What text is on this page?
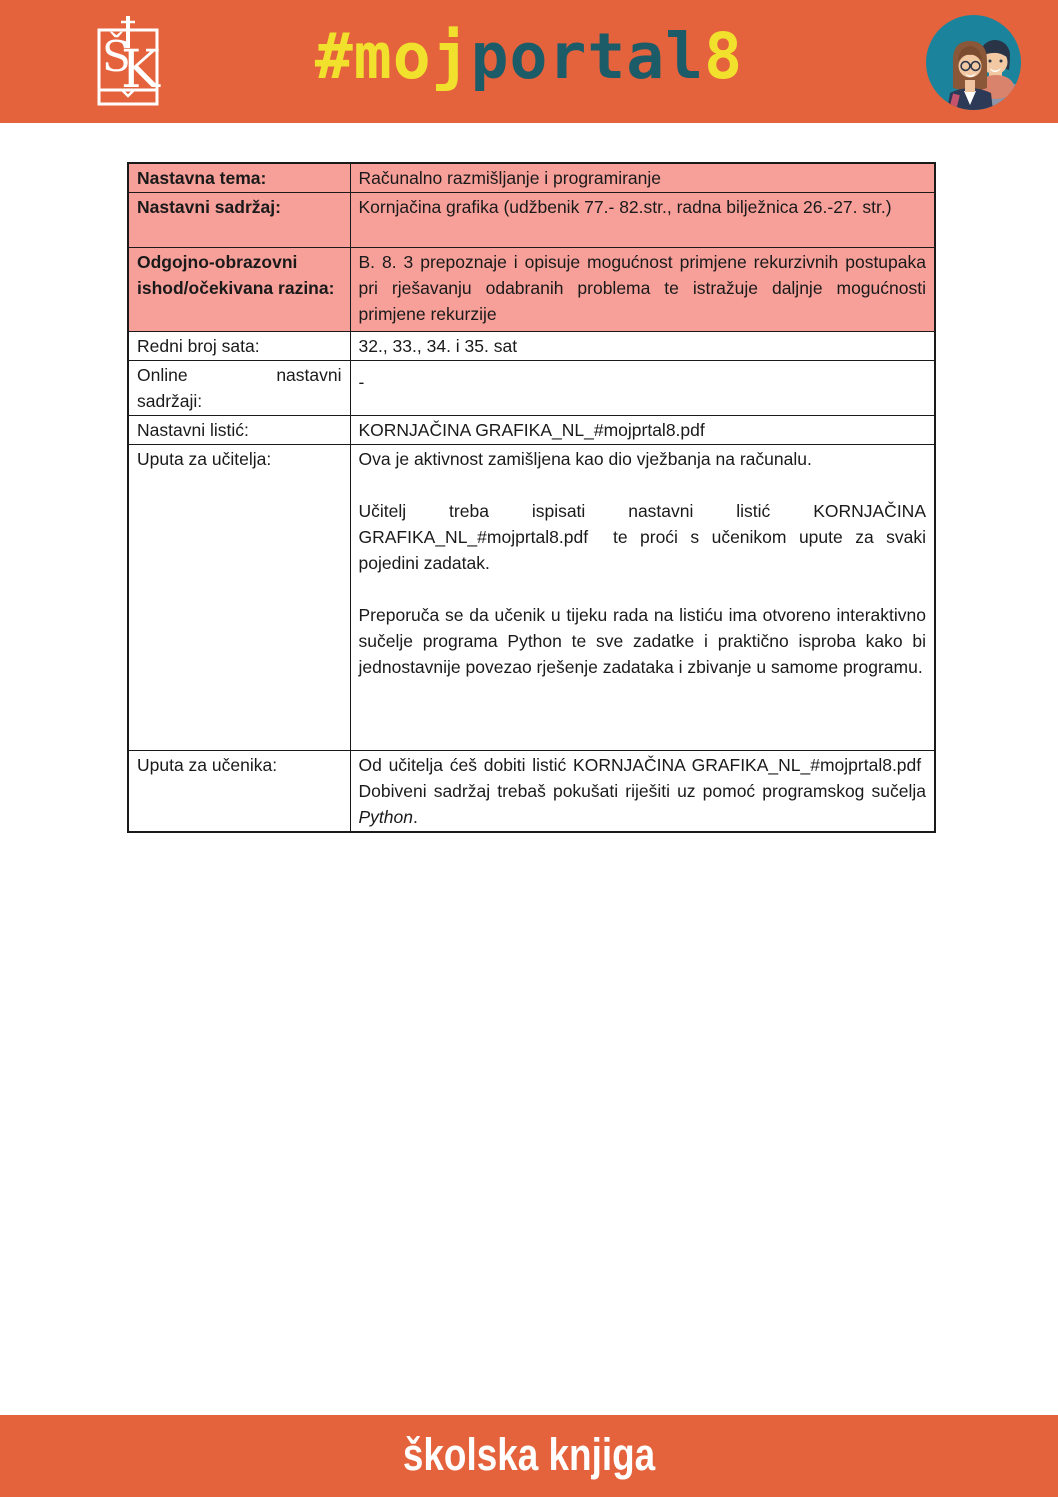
Š
K	#mojportal8
Nastavna tema:	Računalno razmišljanje i programiranje
Nastavni sadržaj:	Kornjačina grafika (udžbenik 77.- 82.str., radna bilježnica 26.-27. str.)
Odgojno-obrazovni ishod/očekivana razina:	B. 8. 3 prepoznaje i opisuje mogućnost primjene rekurzivnih postupaka pri rješavanju odabranih problema te istražuje daljnje mogućnosti primjene rekurzije
Redni broj sata:	32., 33., 34. i 35. sat

Online nastavni
sadržaji:	-
Nastavni listić:	KORNJAČINA GRAFIKA_NL_#mojprtal8.pdf
Uputa za učitelja:	Ova je aktivnost zamišljena kao dio vježbanja na računalu.

Učitelj treba ispisati nastavni listić KORNJAČINA GRAFIKA_NL_#mojprtal8.pdf  te proći s učenikom upute za svaki pojedini zadatak.

Preporuča se da učenik u tijeku rada na listiću ima otvoreno interaktivno sučelje programa Python te sve zadatke i praktično isproba kako bi jednostavnije povezao rješenje zadataka i zbivanje u samome programu.

Uputa za učenika:	Od učitelja ćeš dobiti listić KORNJAČINA GRAFIKA_NL_#mojprtal8.pdf  Dobiveni sadržaj trebaš pokušati riješiti uz pomoć programskog sučelja Python.
školska knjiga
